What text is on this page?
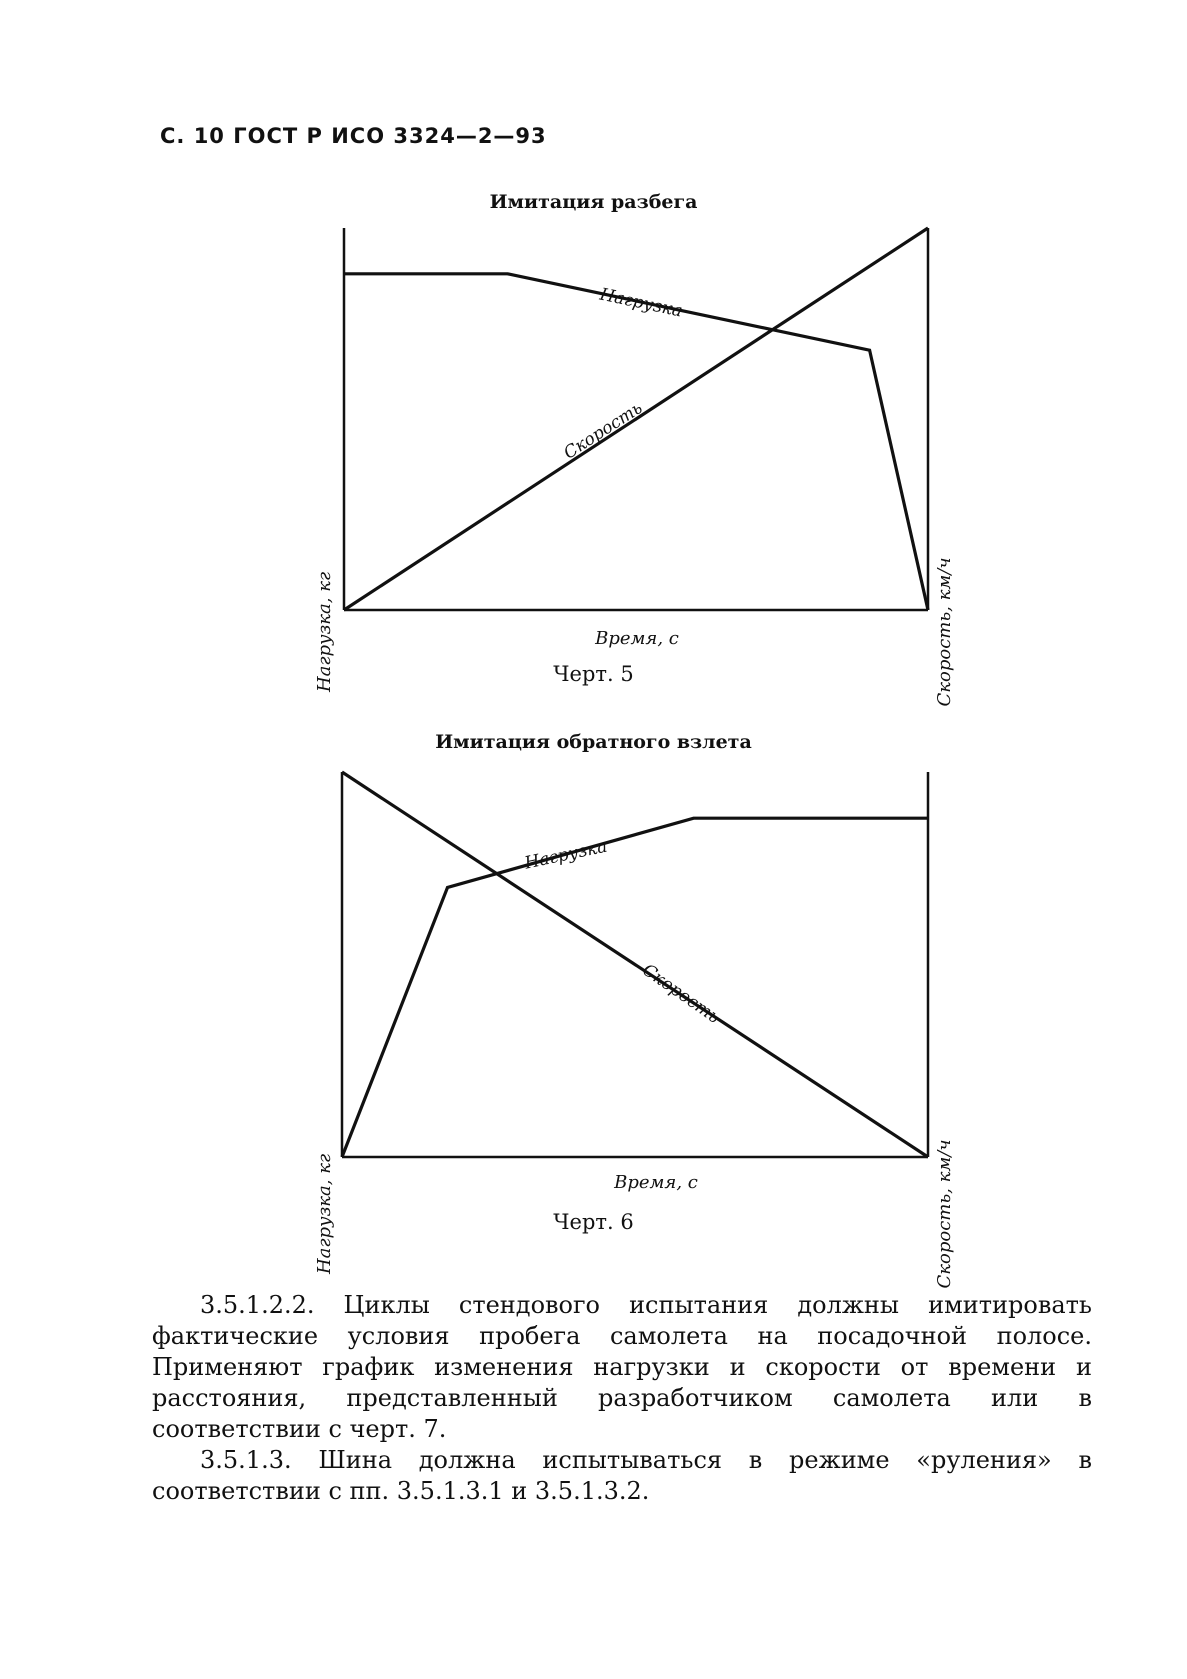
С. 10 ГОСТ Р ИСО 3324—2—93
Имитация разбега
Нагрузка, кг	Скорость, км/ч
Время, с
Нагрузка
Скорость
Черт. 5
Имитация обратного взлета
Нагрузка, кг	Скорость, км/ч
Время, с
Нагрузка
Скорость
Черт. 6

3.5.1.2.2. Циклы стендового испытания должны имитировать фактические условия пробега самолета на посадочной полосе. Применяют график изменения нагрузки и скорости от времени и расстояния, представленный разработчиком самолета или в соответствии с черт. 7.

3.5.1.3. Шина должна испытываться в режиме «руления» в соответствии с пп. 3.5.1.3.1 и 3.5.1.3.2.
